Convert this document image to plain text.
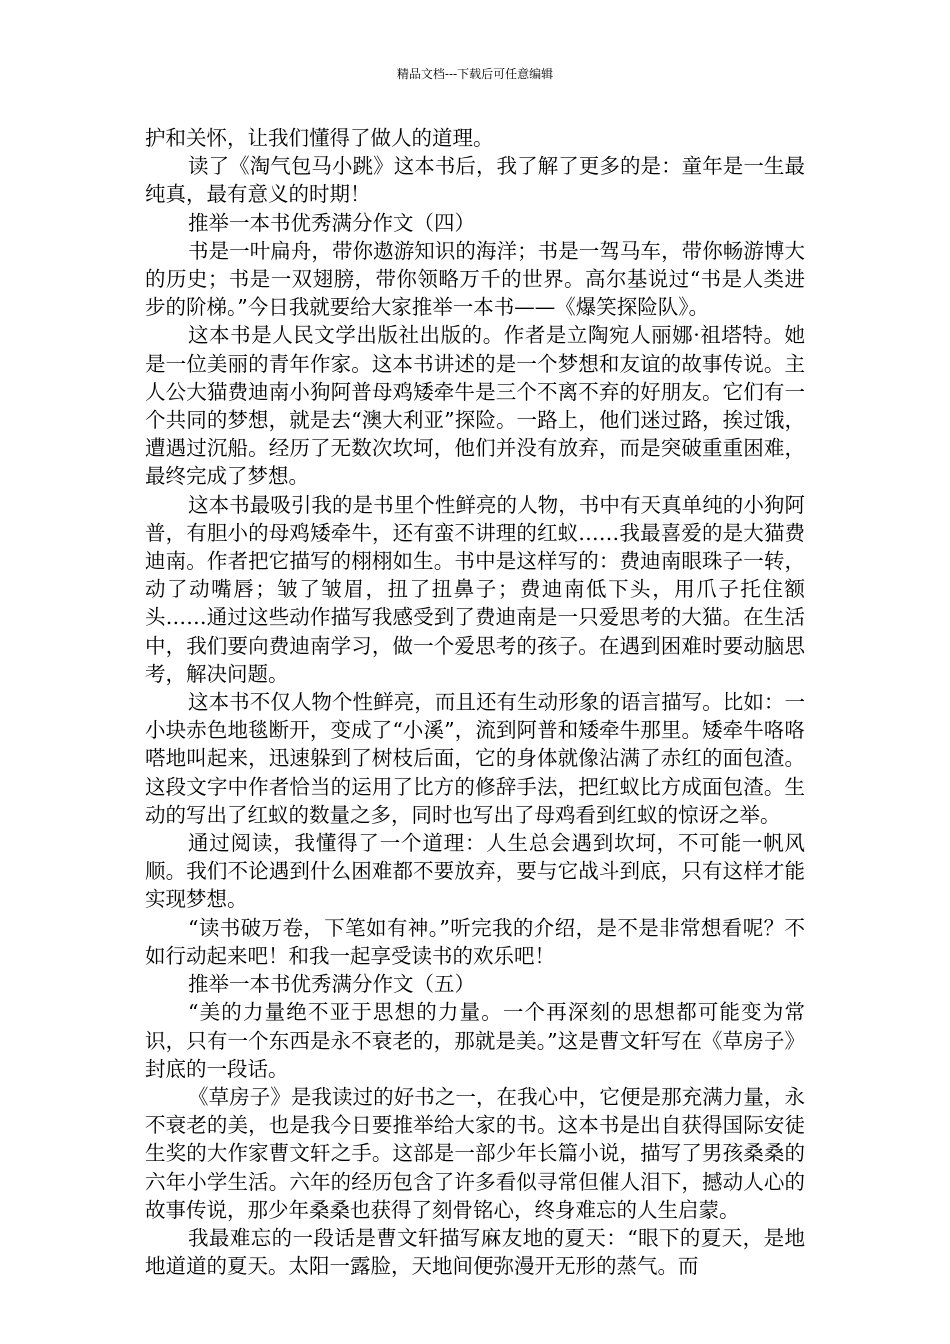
精品文档---下载后可任意编辑

护和关怀，让我们懂得了做人的道理。

读了《淘气包马小跳》这本书后，我了解了更多的是：童年是一生最纯真，最有意义的时期！

推举一本书优秀满分作文（四）

书是一叶扁舟，带你遨游知识的海洋；书是一驾马车，带你畅游博大的历史；书是一双翅膀，带你领略万千的世界。高尔基说过“书是人类进步的阶梯。”今日我就要给大家推举一本书——《爆笑探险队》。

这本书是人民文学出版社出版的。作者是立陶宛人丽娜·祖塔特。她是一位美丽的青年作家。这本书讲述的是一个梦想和友谊的故事传说。主人公大猫费迪南小狗阿普母鸡矮牵牛是三个不离不弃的好朋友。它们有一个共同的梦想，就是去“澳大利亚”探险。一路上，他们迷过路，挨过饿，遭遇过沉船。经历了无数次坎坷，他们并没有放弃，而是突破重重困难，最终完成了梦想。

这本书最吸引我的是书里个性鲜亮的人物，书中有天真单纯的小狗阿普，有胆小的母鸡矮牵牛，还有蛮不讲理的红蚁……我最喜爱的是大猫费迪南。作者把它描写的栩栩如生。书中是这样写的：费迪南眼珠子一转，动了动嘴唇；皱了皱眉，扭了扭鼻子；费迪南低下头，用爪子托住额头……通过这些动作描写我感受到了费迪南是一只爱思考的大猫。在生活中，我们要向费迪南学习，做一个爱思考的孩子。在遇到困难时要动脑思考，解决问题。

这本书不仅人物个性鲜亮，而且还有生动形象的语言描写。比如：一小块赤色地毯断开，变成了“小溪”，流到阿普和矮牵牛那里。矮牵牛咯咯嗒地叫起来，迅速躲到了树枝后面，它的身体就像沾满了赤红的面包渣。这段文字中作者恰当的运用了比方的修辞手法，把红蚁比方成面包渣。生动的写出了红蚁的数量之多，同时也写出了母鸡看到红蚁的惊讶之举。

通过阅读，我懂得了一个道理：人生总会遇到坎坷，不可能一帆风顺。我们不论遇到什么困难都不要放弃，要与它战斗到底，只有这样才能实现梦想。

“读书破万卷，下笔如有神。”听完我的介绍，是不是非常想看呢？不如行动起来吧！和我一起享受读书的欢乐吧！

推举一本书优秀满分作文（五）

“美的力量绝不亚于思想的力量。一个再深刻的思想都可能变为常识，只有一个东西是永不衰老的，那就是美。”这是曹文轩写在《草房子》封底的一段话。

《草房子》是我读过的好书之一，在我心中，它便是那充满力量，永不衰老的美，也是我今日要推举给大家的书。这本书是出自获得国际安徒生奖的大作家曹文轩之手。这部是一部少年长篇小说，描写了男孩桑桑的六年小学生活。六年的经历包含了许多看似寻常但催人泪下，撼动人心的故事传说，那少年桑桑也获得了刻骨铭心，终身难忘的人生启蒙。

我最难忘的一段话是曹文轩描写麻友地的夏天：“眼下的夏天，是地地道道的夏天。太阳一露脸，天地间便弥漫开无形的蒸气。而
